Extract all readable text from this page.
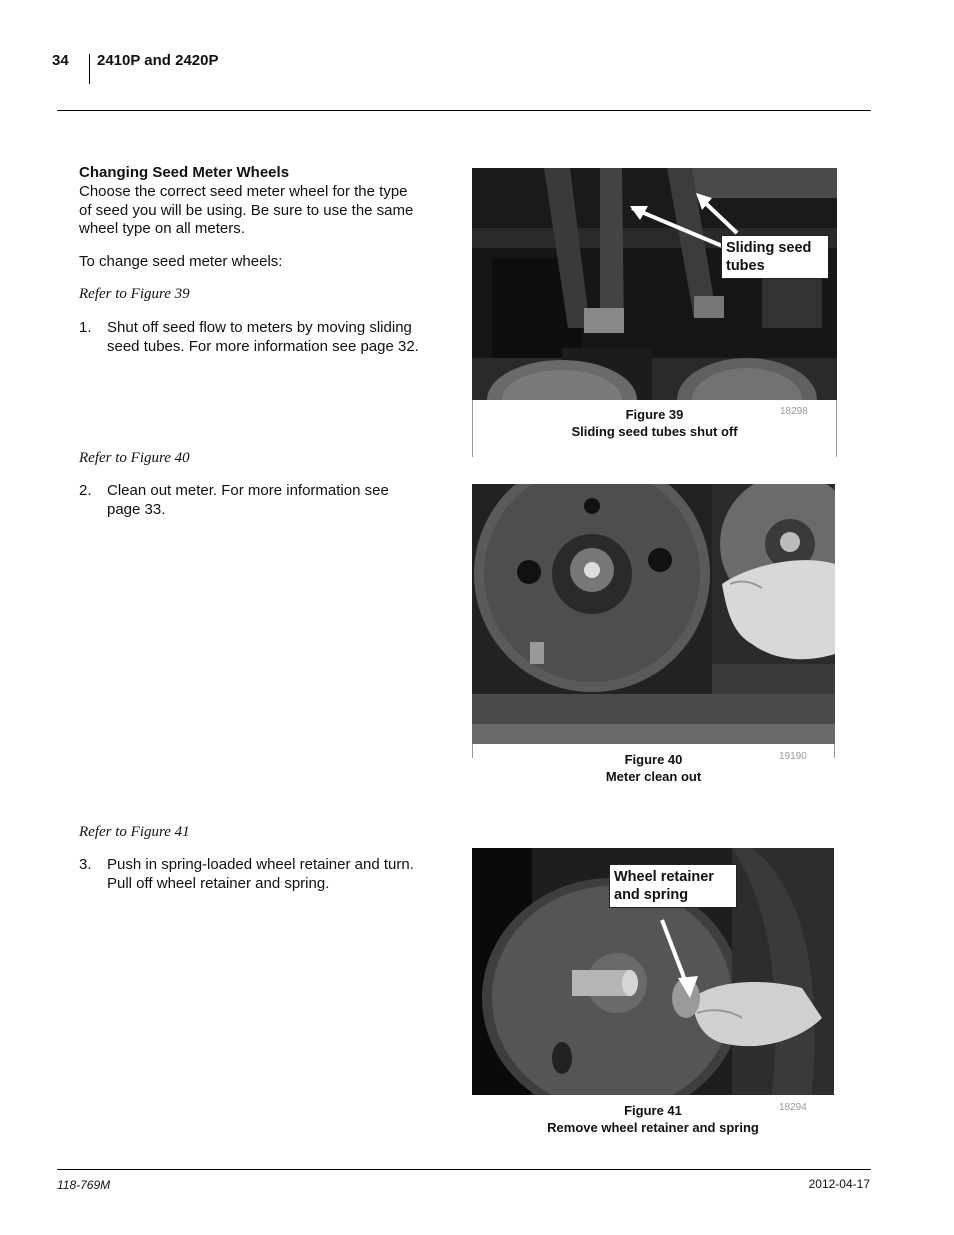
34 2410P and 2420P
Changing Seed Meter Wheels
Choose the correct seed meter wheel for the type of seed you will be using. Be sure to use the same wheel type on all meters.
To change seed meter wheels:
Refer to Figure 39
1. Shut off seed flow to meters by moving sliding seed tubes. For more information see page 32.
Refer to Figure 40
2. Clean out meter. For more information see page 33.
Refer to Figure 41
3. Push in spring-loaded wheel retainer and turn. Pull off wheel retainer and spring.
Sliding seed tubes
Figure 39
Sliding seed tubes shut off
18298
Figure 40
Meter clean out
19190
Wheel retainer and spring
Figure 41
Remove wheel retainer and spring
18294
118-769M	2012-04-17
